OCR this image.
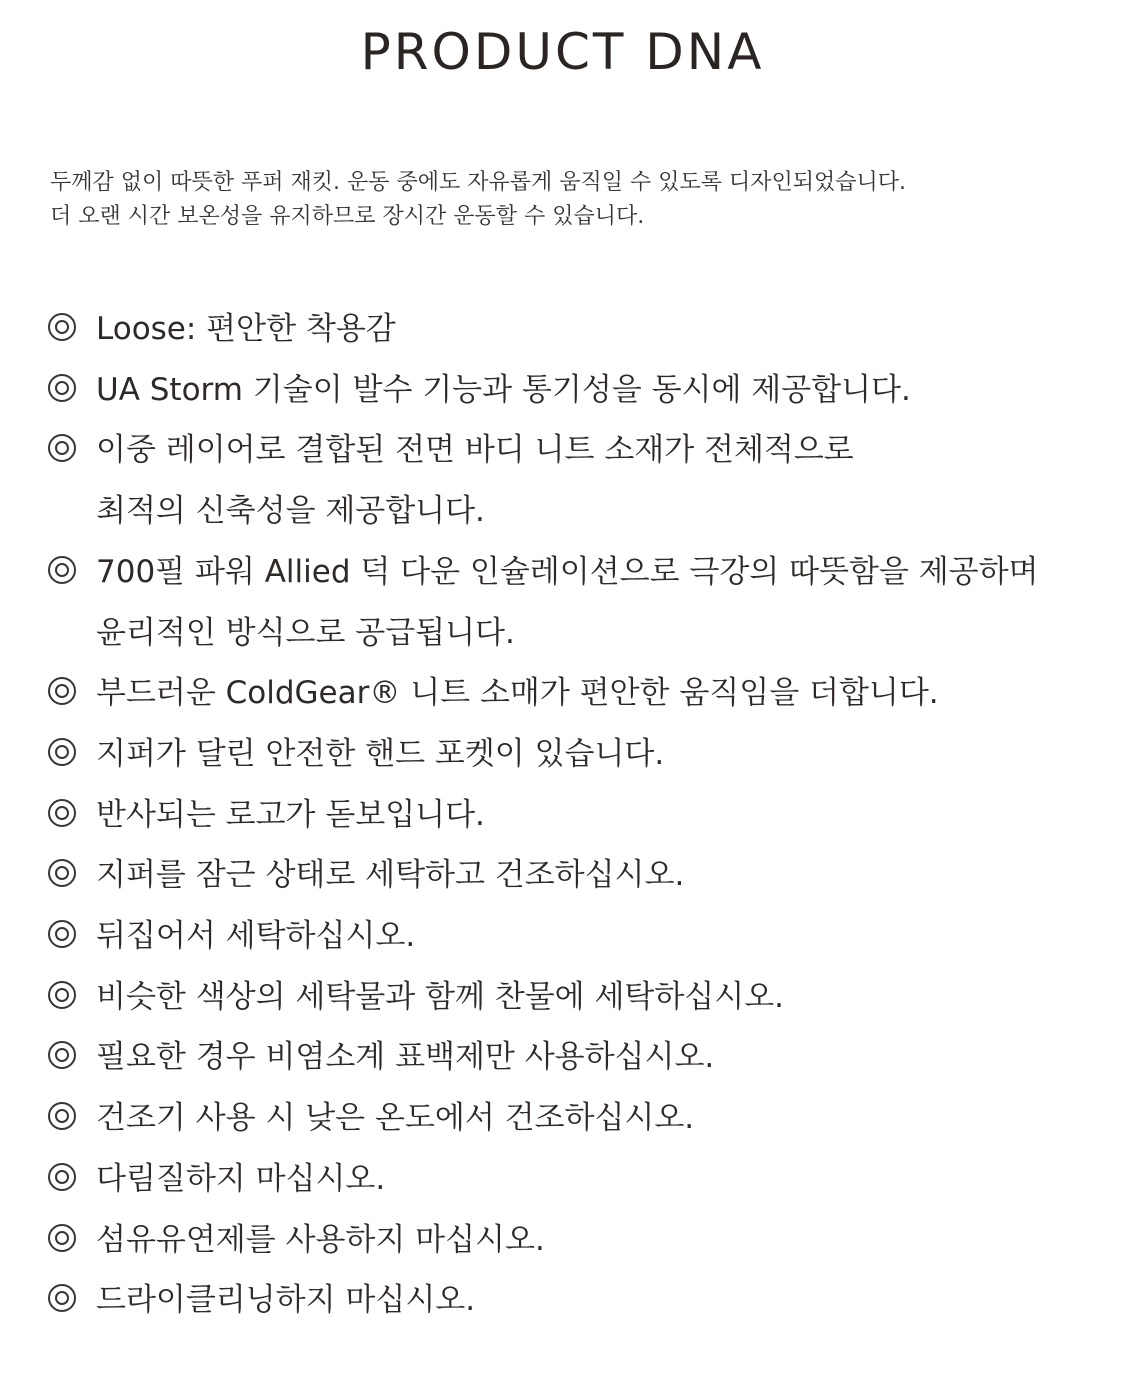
PRODUCT DNA

두께감 없이 따뜻한 푸퍼 재킷. 운동 중에도 자유롭게 움직일 수 있도록 디자인되었습니다.

더 오랜 시간 보온성을 유지하므로 장시간 운동할 수 있습니다.

Loose: 편안한 착용감
UA Storm 기술이 발수 기능과 통기성을 동시에 제공합니다.
이중 레이어로 결합된 전면 바디 니트 소재가 전체적으로
최적의 신축성을 제공합니다.
700필 파워 Allied 덕 다운 인슐레이션으로 극강의 따뜻함을 제공하며
윤리적인 방식으로 공급됩니다.
부드러운 ColdGear® 니트 소매가 편안한 움직임을 더합니다.
지퍼가 달린 안전한 핸드 포켓이 있습니다.
반사되는 로고가 돋보입니다.
지퍼를 잠근 상태로 세탁하고 건조하십시오.
뒤집어서 세탁하십시오.
비슷한 색상의 세탁물과 함께 찬물에 세탁하십시오.
필요한 경우 비염소계 표백제만 사용하십시오.
건조기 사용 시 낮은 온도에서 건조하십시오.
다림질하지 마십시오.
섬유유연제를 사용하지 마십시오.
드라이클리닝하지 마십시오.
